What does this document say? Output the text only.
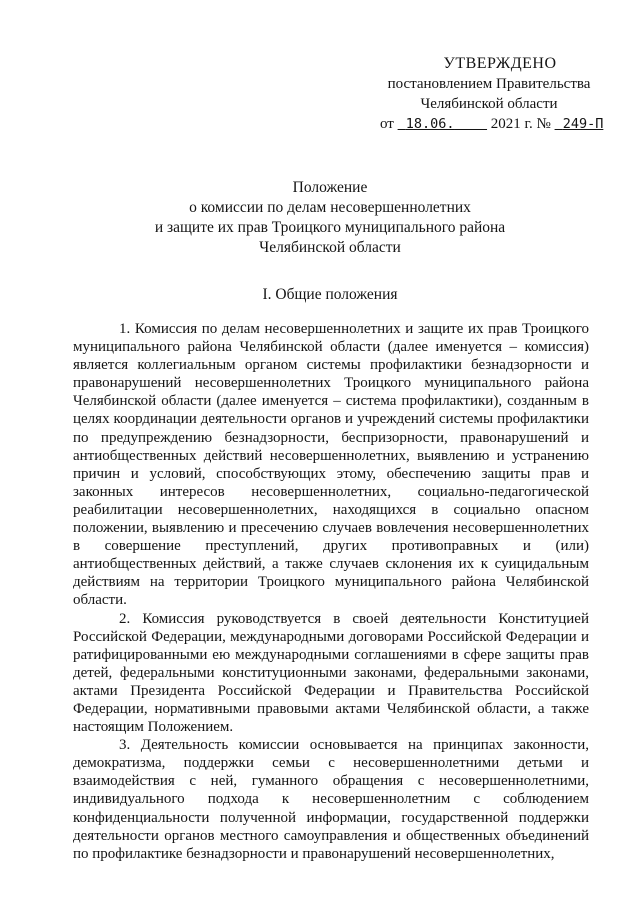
УТВЕРЖДЕНО
постановлением Правительства
Челябинской области
от 18.06. 2021 г. № 249-П
Положение
о комиссии по делам несовершеннолетних
и защите их прав Троицкого муниципального района
Челябинской области
I. Общие положения

1. Комиссия по делам несовершеннолетних и защите их прав Троицкого муниципального района Челябинской области (далее именуется – комиссия) является коллегиальным органом системы профилактики безнадзорности и правонарушений несовершеннолетних Троицкого муниципального района Челябинской области (далее именуется – система профилактики), созданным в целях координации деятельности органов и учреждений системы профилактики по предупреждению безнадзорности, беспризорности, правонарушений и антиобщественных действий несовершеннолетних, выявлению и устранению причин и условий, способствующих этому, обеспечению защиты прав и законных интересов несовершеннолетних, социально-педагогической реабилитации несовершеннолетних, находящихся в социально опасном положении, выявлению и пресечению случаев вовлечения несовершеннолетних в совершение преступлений, других противоправных и (или) антиобщественных действий, а также случаев склонения их к суицидальным действиям на территории Троицкого муниципального района Челябинской области.

2. Комиссия руководствуется в своей деятельности Конституцией Российской Федерации, международными договорами Российской Федерации и ратифицированными ею международными соглашениями в сфере защиты прав детей, федеральными конституционными законами, федеральными законами, актами Президента Российской Федерации и Правительства Российской Федерации, нормативными правовыми актами Челябинской области, а также настоящим Положением.

3. Деятельность комиссии основывается на принципах законности, демократизма, поддержки семьи с несовершеннолетними детьми и взаимодействия с ней, гуманного обращения с несовершеннолетними, индивидуального подхода к несовершеннолетним с соблюдением конфиденциальности полученной информации, государственной поддержки деятельности органов местного самоуправления и общественных объединений по профилактике безнадзорности и правонарушений несовершеннолетних,
